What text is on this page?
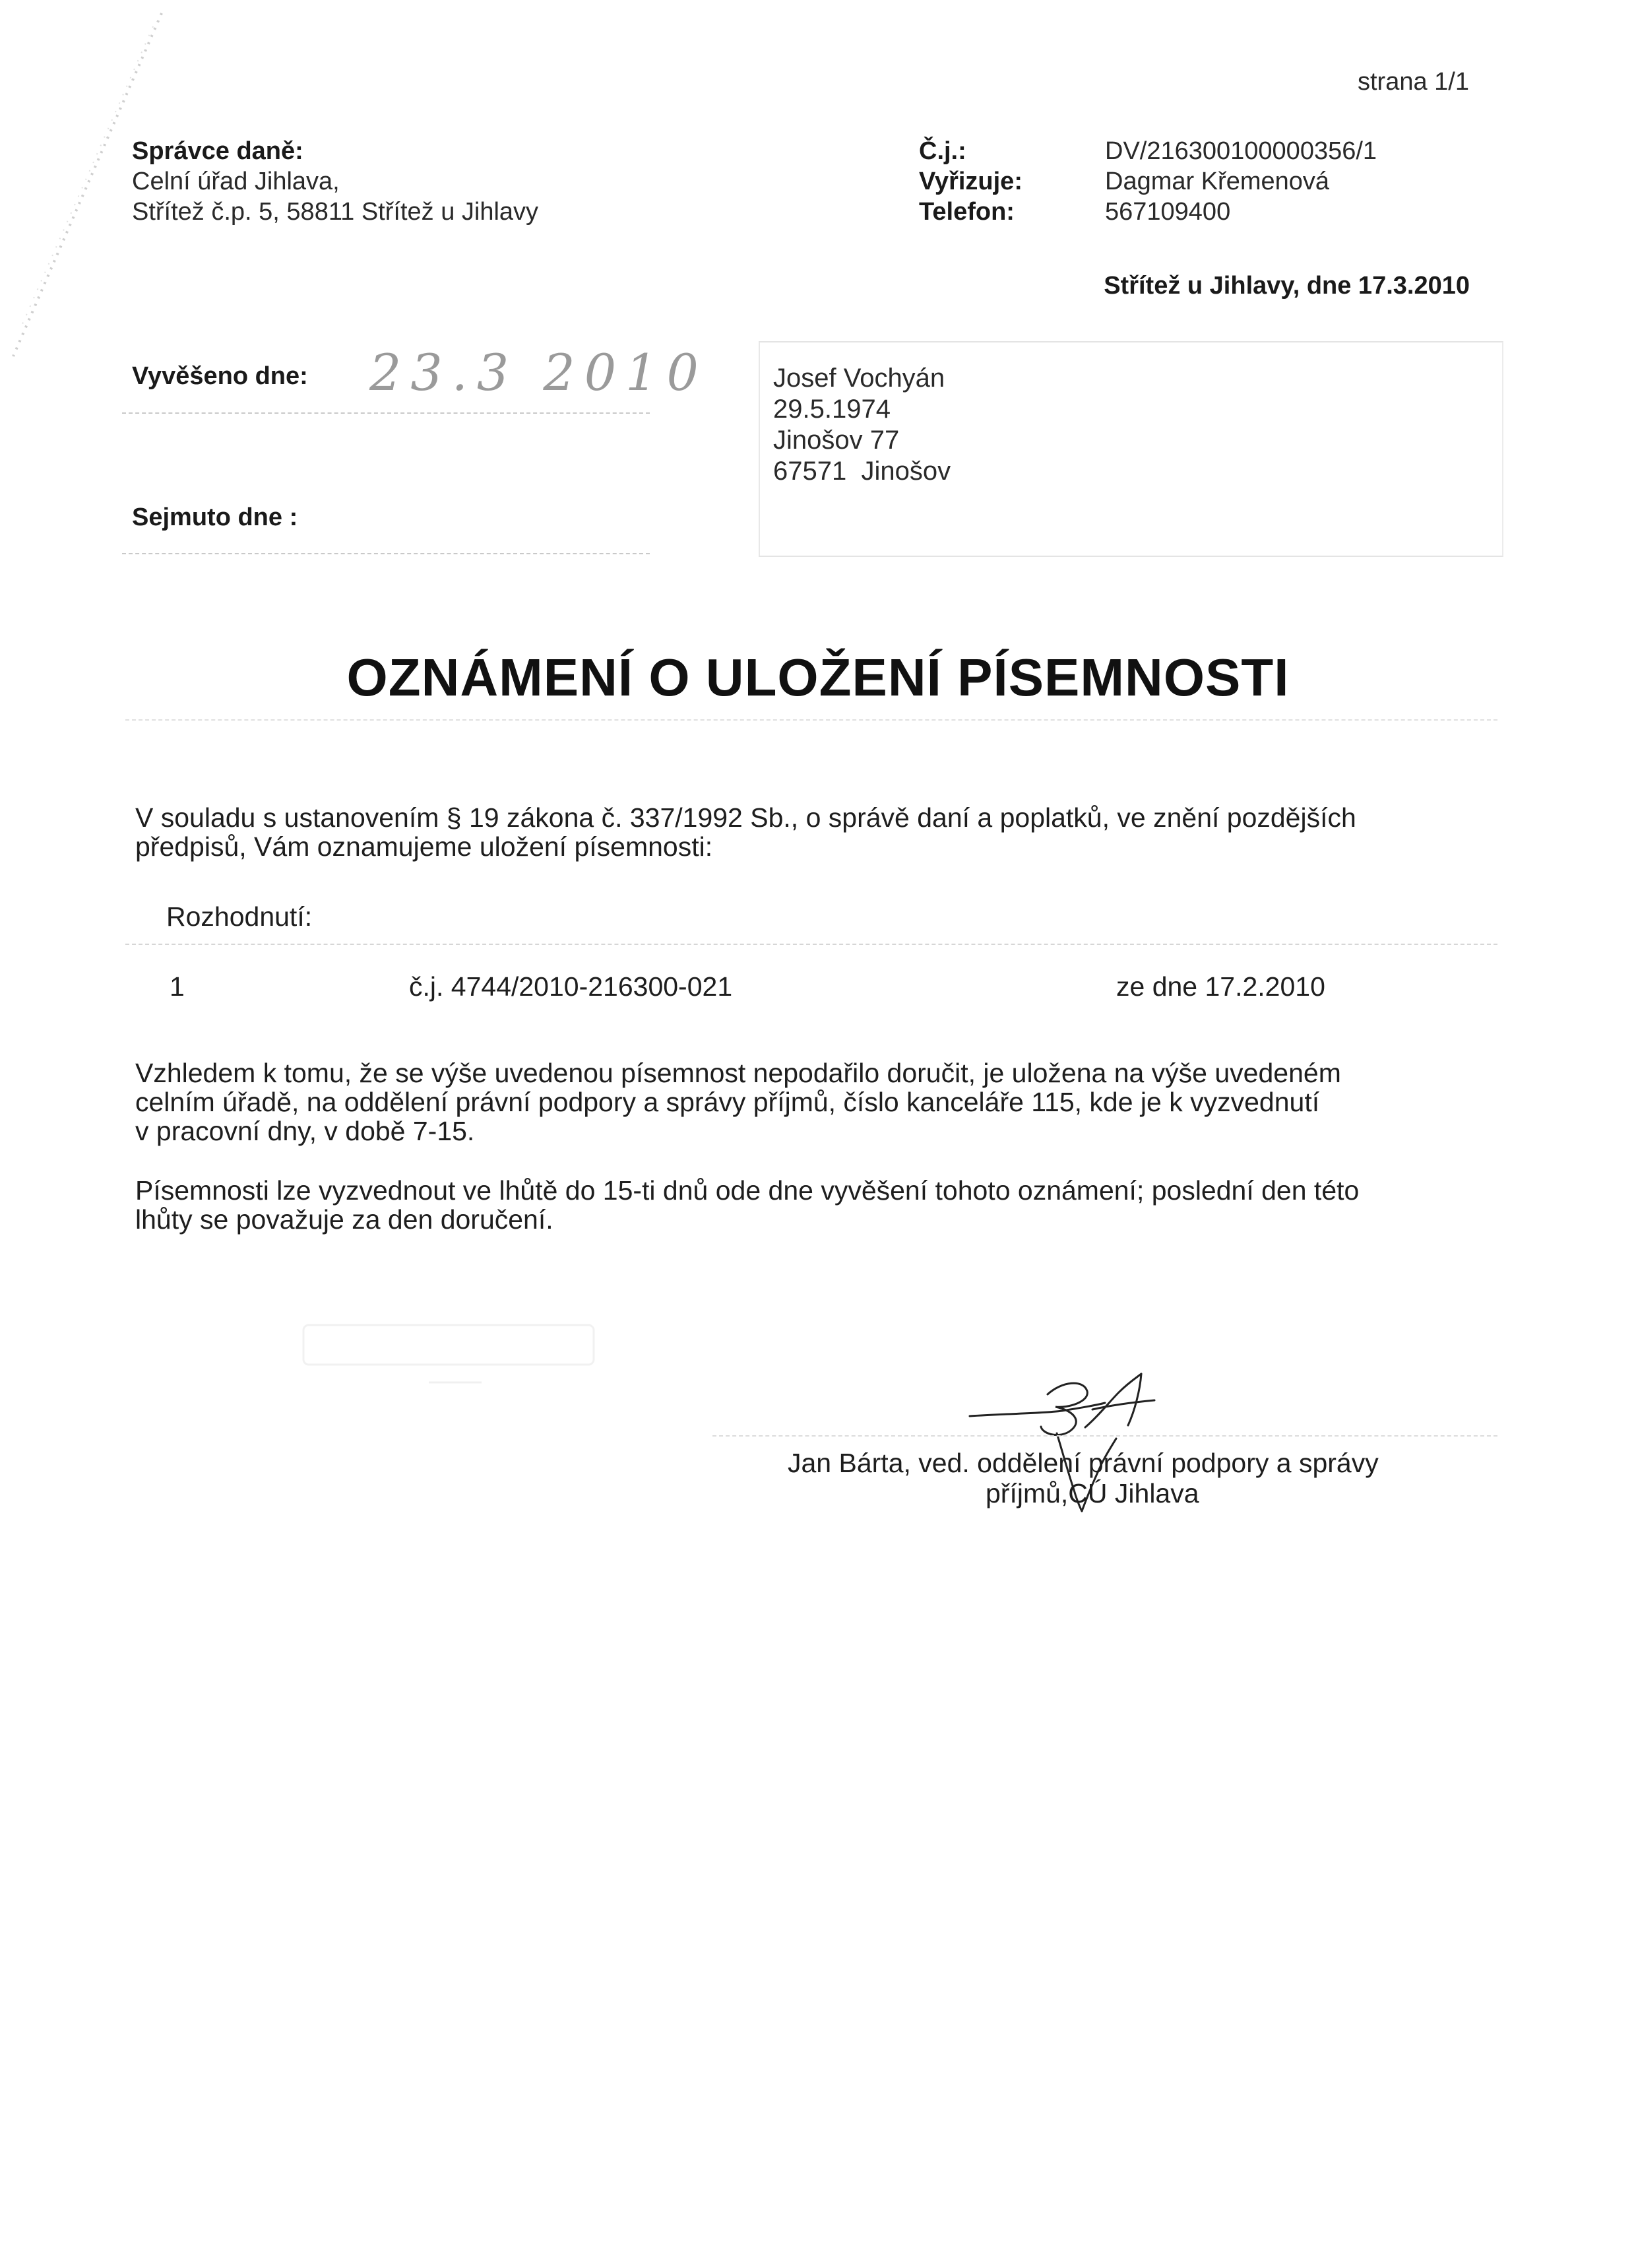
strana 1/1
Správce daně:
Celní úřad Jihlava,
Střítež č.p. 5, 58811 Střítež u Jihlavy
Č.j.:
Vyřizuje:
Telefon:
DV/216300100000356/1
Dagmar Křemenová
567109400
Střítež u Jihlavy, dne 17.3.2010
Vyvěšeno dne: 23.3 2010
Sejmuto dne :
Josef Vochyán
29.5.1974
Jinošov 77
67571  Jinošov
OZNÁMENÍ O ULOŽENÍ PÍSEMNOSTI
V souladu s ustanovením § 19 zákona č. 337/1992 Sb., o správě daní a poplatků, ve znění pozdějších
předpisů, Vám oznamujeme uložení písemnosti:
Rozhodnutí:
1	č.j. 4744/2010-216300-021	ze dne 17.2.2010
Vzhledem k tomu, že se výše uvedenou písemnost nepodařilo doručit, je uložena na výše uvedeném
celním úřadě, na oddělení právní podpory a správy příjmů, číslo kanceláře 115, kde je k vyzvednutí
v pracovní dny, v době 7-15.
Písemnosti lze vyzvednout ve lhůtě do 15-ti dnů ode dne vyvěšení tohoto oznámení; poslední den této
lhůty se považuje za den doručení.
Jan Bárta, ved. oddělení právní podpory a správy
příjmů,CÚ Jihlava
